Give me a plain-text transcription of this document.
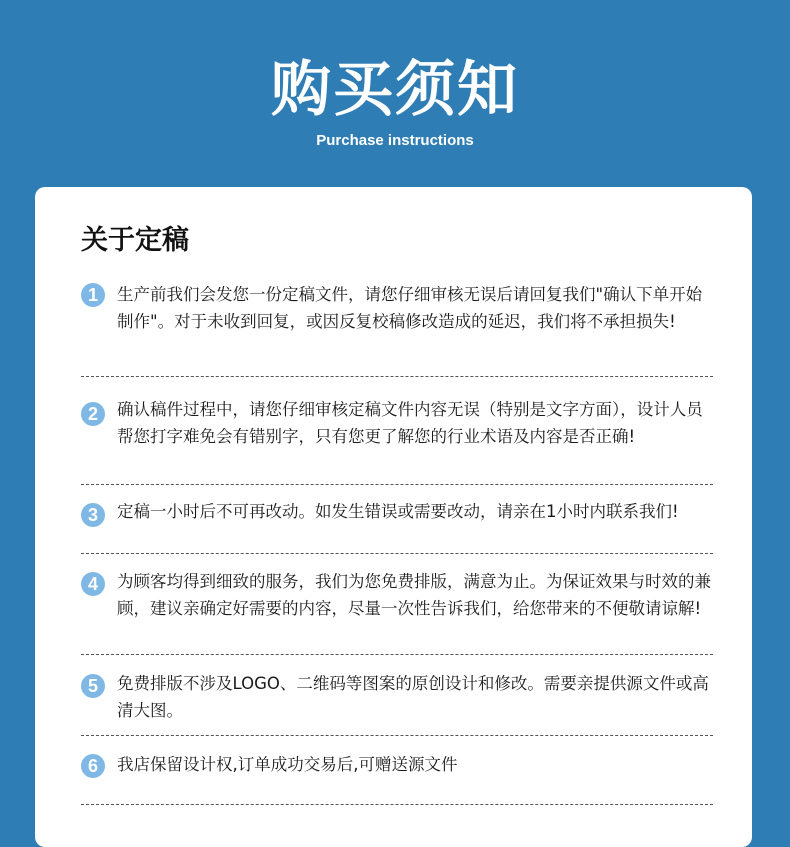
购买须知
Purchase instructions
关于定稿
1	生产前我们会发您一份定稿文件，请您仔细审核无误后请回复我们"确认下单开始制作"。对于未收到回复，或因反复校稿修改造成的延迟，我们将不承担损失!
2	确认稿件过程中，请您仔细审核定稿文件内容无误（特别是文字方面），设计人员帮您打字难免会有错别字，只有您更了解您的行业术语及内容是否正确!
3	定稿一小时后不可再改动。如发生错误或需要改动，请亲在1小时内联系我们!
4	为顾客均得到细致的服务，我们为您免费排版，满意为止。为保证效果与时效的兼顾，建议亲确定好需要的内容，尽量一次性告诉我们，给您带来的不便敬请谅解!
5	免费排版不涉及LOGO、二维码等图案的原创设计和修改。需要亲提供源文件或高清大图。
6	我店保留设计权,订单成功交易后,可赠送源文件
